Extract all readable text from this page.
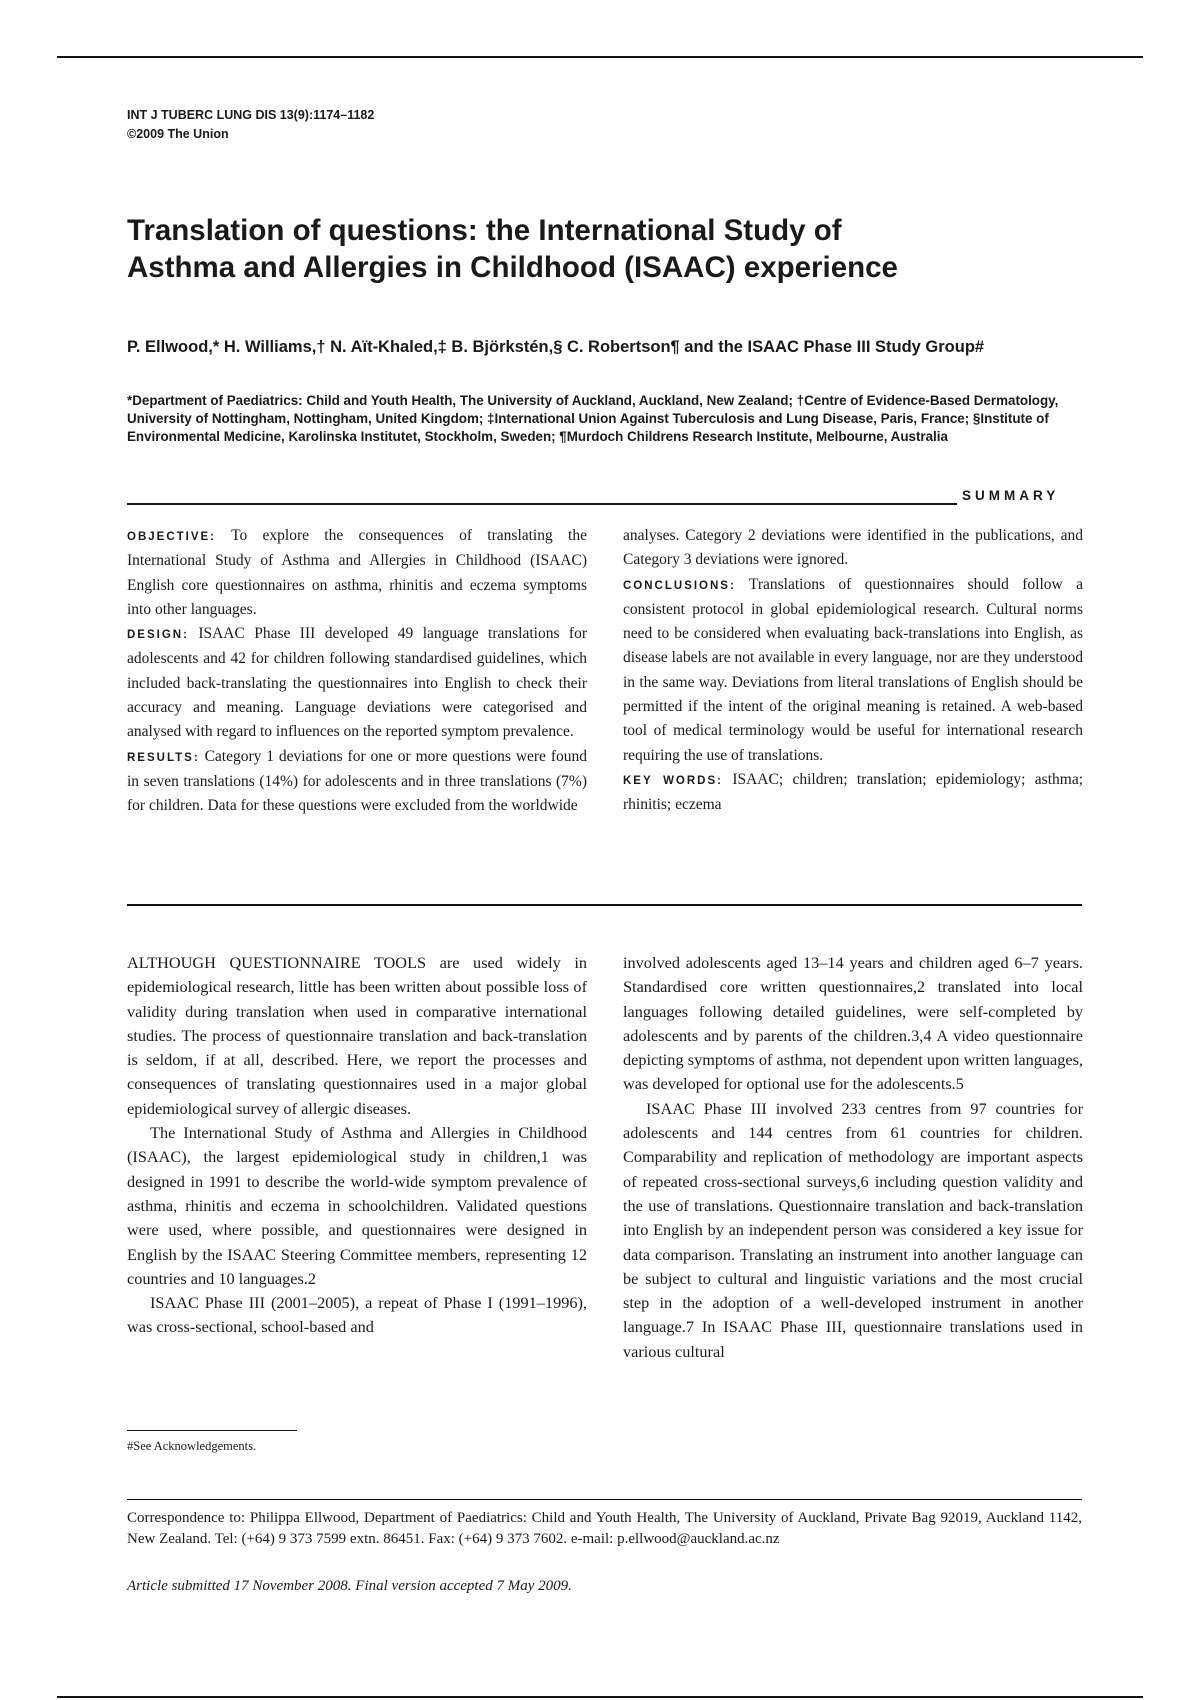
INT J TUBERC LUNG DIS 13(9):1174–1182
©2009 The Union
Translation of questions: the International Study of
Asthma and Allergies in Childhood (ISAAC) experience
P. Ellwood,* H. Williams,† N. Aït-Khaled,‡ B. Björkstén,§ C. Robertson¶ and the ISAAC Phase III Study Group#
*Department of Paediatrics: Child and Youth Health, The University of Auckland, Auckland, New Zealand; †Centre of Evidence-Based Dermatology, University of Nottingham, Nottingham, United Kingdom; ‡International Union Against Tuberculosis and Lung Disease, Paris, France; §Institute of Environmental Medicine, Karolinska Institutet, Stockholm, Sweden; ¶Murdoch Childrens Research Institute, Melbourne, Australia
SUMMARY

OBJECTIVE: To explore the consequences of translating the International Study of Asthma and Allergies in Childhood (ISAAC) English core questionnaires on asthma, rhinitis and eczema symptoms into other languages.

DESIGN: ISAAC Phase III developed 49 language translations for adolescents and 42 for children following standardised guidelines, which included back-translating the questionnaires into English to check their accuracy and meaning. Language deviations were categorised and analysed with regard to influences on the reported symptom prevalence.

RESULTS: Category 1 deviations for one or more questions were found in seven translations (14%) for adolescents and in three translations (7%) for children. Data for these questions were excluded from the worldwide

analyses. Category 2 deviations were identified in the publications, and Category 3 deviations were ignored.

CONCLUSIONS: Translations of questionnaires should follow a consistent protocol in global epidemiological research. Cultural norms need to be considered when evaluating back-translations into English, as disease labels are not available in every language, nor are they understood in the same way. Deviations from literal translations of English should be permitted if the intent of the original meaning is retained. A web-based tool of medical terminology would be useful for international research requiring the use of translations.

KEY WORDS: ISAAC; children; translation; epidemiology; asthma; rhinitis; eczema

ALTHOUGH QUESTIONNAIRE TOOLS are used widely in epidemiological research, little has been written about possible loss of validity during translation when used in comparative international studies. The process of questionnaire translation and back-translation is seldom, if at all, described. Here, we report the processes and consequences of translating questionnaires used in a major global epidemiological survey of allergic diseases.

The International Study of Asthma and Allergies in Childhood (ISAAC), the largest epidemiological study in children,1 was designed in 1991 to describe the world-wide symptom prevalence of asthma, rhinitis and eczema in schoolchildren. Validated questions were used, where possible, and questionnaires were designed in English by the ISAAC Steering Committee members, representing 12 countries and 10 languages.2

ISAAC Phase III (2001–2005), a repeat of Phase I (1991–1996), was cross-sectional, school-based and

#See Acknowledgements.

involved adolescents aged 13–14 years and children aged 6–7 years. Standardised core written questionnaires,2 translated into local languages following detailed guidelines, were self-completed by adolescents and by parents of the children.3,4 A video questionnaire depicting symptoms of asthma, not dependent upon written languages, was developed for optional use for the adolescents.5

ISAAC Phase III involved 233 centres from 97 countries for adolescents and 144 centres from 61 countries for children. Comparability and replication of methodology are important aspects of repeated cross-sectional surveys,6 including question validity and the use of translations. Questionnaire translation and back-translation into English by an independent person was considered a key issue for data comparison. Translating an instrument into another language can be subject to cultural and linguistic variations and the most crucial step in the adoption of a well-developed instrument in another language.7 In ISAAC Phase III, questionnaire translations used in various cultural

Correspondence to: Philippa Ellwood, Department of Paediatrics: Child and Youth Health, The University of Auckland, Private Bag 92019, Auckland 1142, New Zealand. Tel: (+64) 9 373 7599 extn. 86451. Fax: (+64) 9 373 7602. e-mail: p.ellwood@auckland.ac.nz
Article submitted 17 November 2008. Final version accepted 7 May 2009.
